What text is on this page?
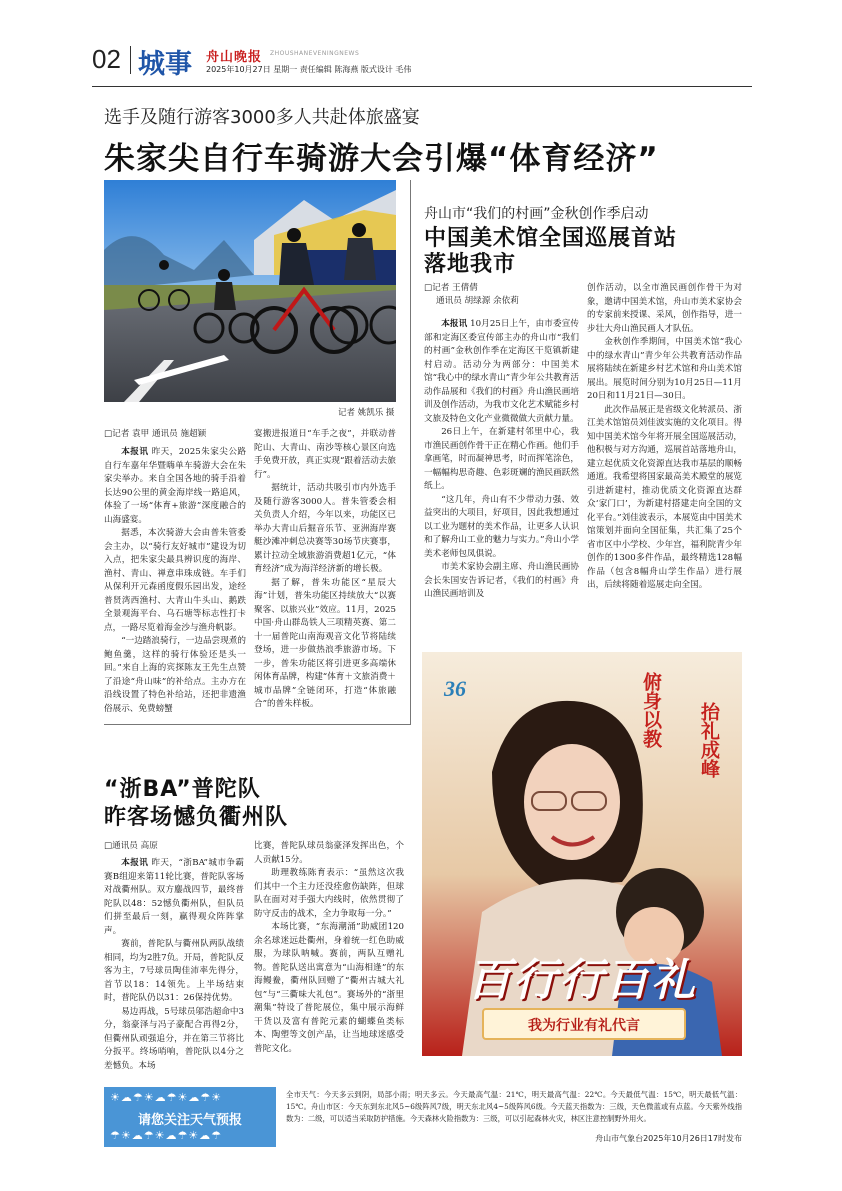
02 城事 舟山晚报 ZHOUSHANEVENINGNEWS
2025年10月27日 星期一 责任编辑 陈海燕 版式设计 毛伟
选手及随行游客3000多人共赴体旅盛宴
朱家尖自行车骑游大会引爆“体育经济”
记者 姚凯乐 摄
□记者 袁甲 通讯员 施超颖

本报讯 昨天，2025朱家尖公路自行车嘉年华暨嗨单车骑游大会在朱家尖举办。来自全国各地的骑手沿着长达90公里的黄金海岸线一路追风，体验了一场“体育+旅游”深度融合的山海盛宴。

据悉，本次骑游大会由普朱管委会主办，以“骑行友好城市”建设为切入点，把朱家尖最具辨识度的海岸、渔村、青山、禅意串珠成链。车手们从保利开元森函度假乐园出发，途经普贤湾西渔村、大青山牛头山、鹅跌全景观海平台、乌石塘等标志性打卡点，一路尽览着海金沙与渔舟帆影。

“一边踏浪骑行，一边品尝现煮的鲍鱼羹，这样的骑行体验还是头一回。”来自上海的宾探陈友王先生点赞了沿途“舟山味”的补给点。主办方在沿线设置了特色补给站，还把非遗渔俗展示、免费螃蟹

宴搬进报道日“车手之夜”，并联动普陀山、大青山、南沙等核心景区向选手免费开放，真正实现“跟着活动去旅行”。

据统计，活动共吸引市内外选手及随行游客3000人。普朱管委会相关负责人介绍，今年以来，功能区已举办大青山后掘音乐节、亚洲海岸赛艇沙滩冲刺总决赛等30场节庆赛事，累计拉动全域旅游消费超1亿元，“体育经济”成为海洋经济新的增长极。

据了解，普朱功能区“星辰大海”计划，普朱功能区持续放大“以赛聚客、以旅兴业”效应。11月，2025中国·舟山群岛铁人三项精英赛、第二十一届普陀山南海观音文化节将陆续登场，进一步做热浪季旅游市场。下一步，普朱功能区将引进更多高端休闲体育品牌，构建“体育＋文旅消费＋城市品牌”全链闭环，打造“体旅融合”的普朱样板。

舟山市“我们的村画”金秋创作季启动
中国美术馆全国巡展首站
落地我市
□记者 王倩倩
通讯员 胡绿源 余依莉

本报讯 10月25日上午，由市委宣传部和定海区委宣传部主办的舟山市“我们的村画”金秋创作季在定海区干览镇新建村启动。活动分为两部分：中国美术馆“我心中的绿水青山”青少年公共教育活动作品展和《我们的村画》舟山渔民画培训及创作活动，为我市文化艺术赋能乡村文旅及特色文化产业微微做大贡献力量。

26日上午，在新建村邻里中心，我市渔民画创作骨干正在精心作画。他们手拿画笔，时而凝神思考，时而挥笔涂色，一幅幅构思奇趣、色彩斑斓的渔民画跃然纸上。

“这几年，舟山有不少带动力强、效益突出的大项目，好项目，因此我想通过以工业为题材的美术作品，让更多人认识和了解舟山工业的魅力与实力。”舟山小学美术老师包凤俱说。

市美术家协会副主席、舟山渔民画协会长朱国安告诉记者，《我们的村画》舟山渔民画培训及

创作活动，以全市渔民画创作骨干为对象，邀请中国美术馆，舟山市美术家协会的专家前来授课、采风，创作指导，进一步壮大舟山渔民画人才队伍。

金秋创作季期间，中国美术馆“我心中的绿水青山”青少年公共教育活动作品展将陆续在新建乡村艺术馆和舟山美术馆展出。展览时间分别为10月25日—11月20日和11月21日—30日。

此次作品展正是省级文化转派员、浙江美术馆馆员刘佳波实施的文化项目。得知中国美术馆今年将开展全国巡展活动，他积极与对方沟通，巡展首站落地舟山，建立起优质文化资源直达我市基层的顺畅通道。我希望将国家最高美术殿堂的展览引进新建村，推动优质文化资源直达群众‘家门口’，为新建村搭建走向全国的文化平台。”刘佳波表示，本展览由中国美术馆策划并面向全国征集，共汇集了25个省市区中小学校、少年宫，福利院青少年创作的1300多件作品，最终精选128幅作品（包含8幅舟山学生作品）进行展出，后续将随着巡展走向全国。

36	俯身以教 抬礼成峰
百行行百礼
我为行业有礼代言
“浙BA”普陀队
昨客场憾负衢州队
□通讯员 高原

本报讯 昨天，“浙BA”城市争霸赛B组迎来第11轮比赛，普陀队客场对战衢州队。双方鏖战四节，最终普陀队以48：52憾负衢州队，但队员们拼至最后一刻，赢得观众阵阵掌声。

赛前，普陀队与衢州队两队战绩相同，均为2胜7负。开局，普陀队反客为主，7号球员陶佳沛率先得分，首节以18：14领先。上半场结束时，普陀队仍以31：26保持优势。

易边再战，5号球员邬浩超命中3分，翁豪泽与冯子豪配合再得2分，但衢州队顽强追分，并在第三节将比分扳平。终场哨响，普陀队以4分之差憾负。本场

比赛，普陀队球员翁豪泽发挥出色，个人贡献15分。

助理教练陈育表示：“虽然这次我们其中一个主力还没痊愈伤缺阵，但球队在面对对手强大内线时，依然贯彻了防守反击的战术，全力争取每一分。”

本场比赛，“东海潮涌”助威团120余名球迷远赴衢州，身着统一红色助威服，为球队呐喊。赛前，两队互赠礼物。普陀队送出寓意为“山海相逢”的东海鳗鲞，衢州队回赠了“衢州古城大礼包”与“三衢味大礼包”。赛场外的“浙里潮集”特设了普陀展位，集中展示海鲜干货以及富有普陀元素的蝴蝶鱼类标本、陶塑等文创产品，让当地球迷感受普陀文化。

☀☁☂☀☁☂☀☁☂☀
请您关注天气预报
☂☀☁☂☀☁☂☀☁☂
全市天气：今天多云到阴，局部小雨；明天多云。今天最高气温：21℃，明天最高气温：22℃。今天最低气温：15℃，明天最低气温：15℃。舟山市区：今天东到东北风5~6级阵风7级，明天东北风4~5级阵风6级。今天蓝天指数为：三级，天色微蓝或有点蓝。今天紫外线指数为：二级，可以适当采取防护措施。今天森林火险指数为：三级，可以引起森林火灾，林区注意控制野外用火。
舟山市气象台2025年10月26日17时发布
